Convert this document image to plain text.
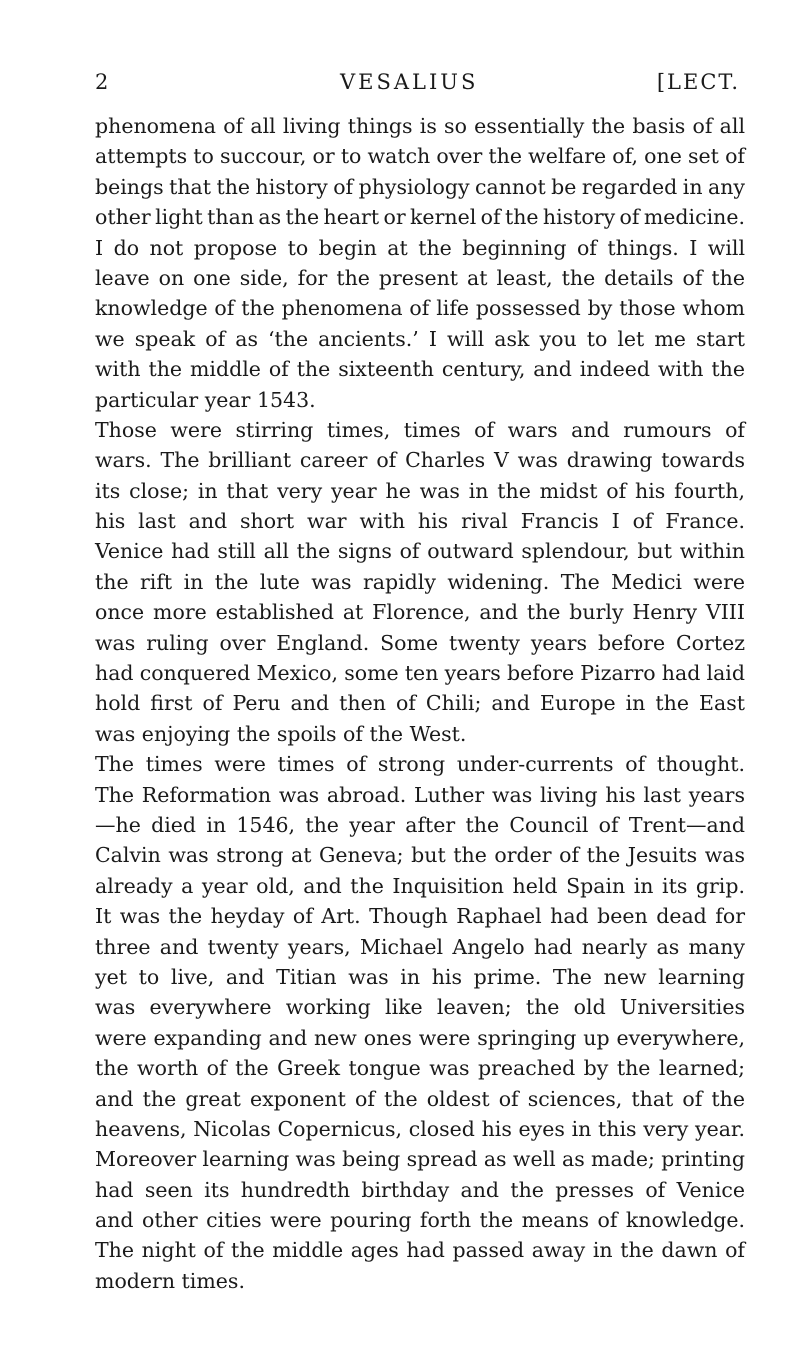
2	VESALIUS	[LECT.
phenomena of all living things is so essentially the basis of all
attempts to succour, or to watch over the welfare of, one set of
beings that the history of physiology cannot be regarded in any
other light than as the heart or kernel of the history of medicine.
I do not propose to begin at the beginning of things. I will
leave on one side, for the present at least, the details of the
knowledge of the phenomena of life possessed by those whom
we speak of as ‘the ancients.’ I will ask you to let me start
with the middle of the sixteenth century, and indeed with the
particular year 1543.
Those were stirring times, times of wars and rumours of
wars. The brilliant career of Charles V was drawing towards
its close; in that very year he was in the midst of his fourth,
his last and short war with his rival Francis I of France.
Venice had still all the signs of outward splendour, but within
the rift in the lute was rapidly widening. The Medici were
once more established at Florence, and the burly Henry VIII
was ruling over England. Some twenty years before Cortez
had conquered Mexico, some ten years before Pizarro had laid
hold first of Peru and then of Chili; and Europe in the East
was enjoying the spoils of the West.
The times were times of strong under-currents of thought.
The Reformation was abroad. Luther was living his last years
—he died in 1546, the year after the Council of Trent—and
Calvin was strong at Geneva; but the order of the Jesuits was
already a year old, and the Inquisition held Spain in its grip.
It was the heyday of Art. Though Raphael had been dead for
three and twenty years, Michael Angelo had nearly as many
yet to live, and Titian was in his prime. The new learning
was everywhere working like leaven; the old Universities
were expanding and new ones were springing up everywhere,
the worth of the Greek tongue was preached by the learned;
and the great exponent of the oldest of sciences, that of the
heavens, Nicolas Copernicus, closed his eyes in this very year.
Moreover learning was being spread as well as made; printing
had seen its hundredth birthday and the presses of Venice
and other cities were pouring forth the means of knowledge.
The night of the middle ages had passed away in the dawn of
modern times.
